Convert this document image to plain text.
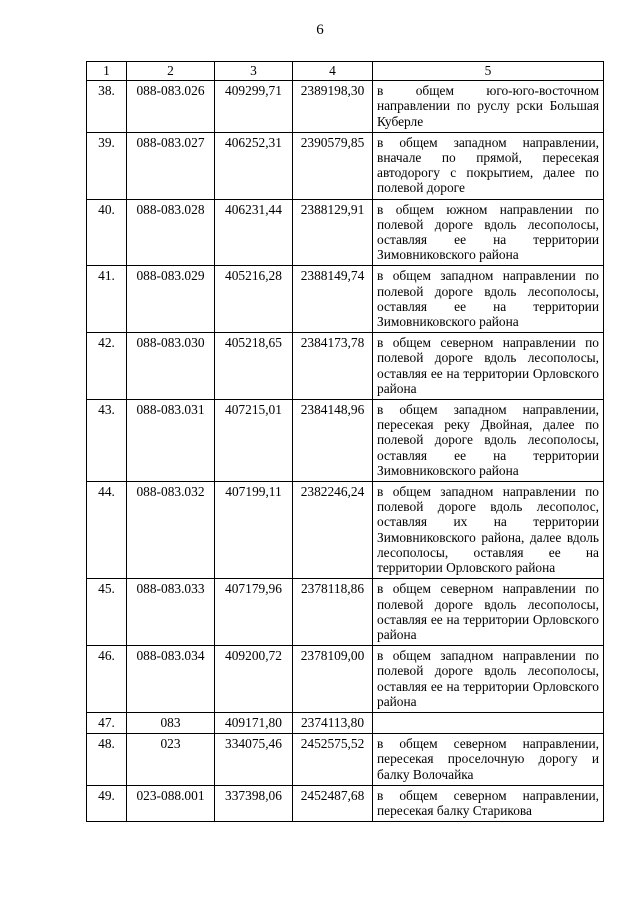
6
1	2	3	4	5
38.	088-083.026	409299,71	2389198,30	в общем юго-юго-восточном направлении по руслу рски Большая Куберле
39.	088-083.027	406252,31	2390579,85	в общем западном направлении, вначале по прямой, пересекая автодорогу с покрытием, далее по полевой дороге
40.	088-083.028	406231,44	2388129,91	в общем южном направлении по полевой дороге вдоль лесополосы, оставляя ее на территории Зимовниковского района
41.	088-083.029	405216,28	2388149,74	в общем западном направлении по полевой дороге вдоль лесополосы, оставляя ее на территории Зимовниковского района
42.	088-083.030	405218,65	2384173,78	в общем северном направлении по полевой дороге вдоль лесополосы, оставляя ее на территории Орловского района
43.	088-083.031	407215,01	2384148,96	в общем западном направлении, пересекая реку Двойная, далее по полевой дороге вдоль лесополосы, оставляя ее на территории Зимовниковского района
44.	088-083.032	407199,11	2382246,24	в общем западном направлении по полевой дороге вдоль лесополос, оставляя их на территории Зимовниковского района, далее вдоль лесополосы, оставляя ее на территории Орловского района
45.	088-083.033	407179,96	2378118,86	в общем северном направлении по полевой дороге вдоль лесополосы, оставляя ее на территории Орловского района
46.	088-083.034	409200,72	2378109,00	в общем западном направлении по полевой дороге вдоль лесополосы, оставляя ее на территории Орловского района
47.	083	409171,80	2374113,80	
48.	023	334075,46	2452575,52	в общем северном направлении, пересекая проселочную дорогу и балку Волочайка
49.	023-088.001	337398,06	2452487,68	в общем северном направлении, пересекая балку Старикова
